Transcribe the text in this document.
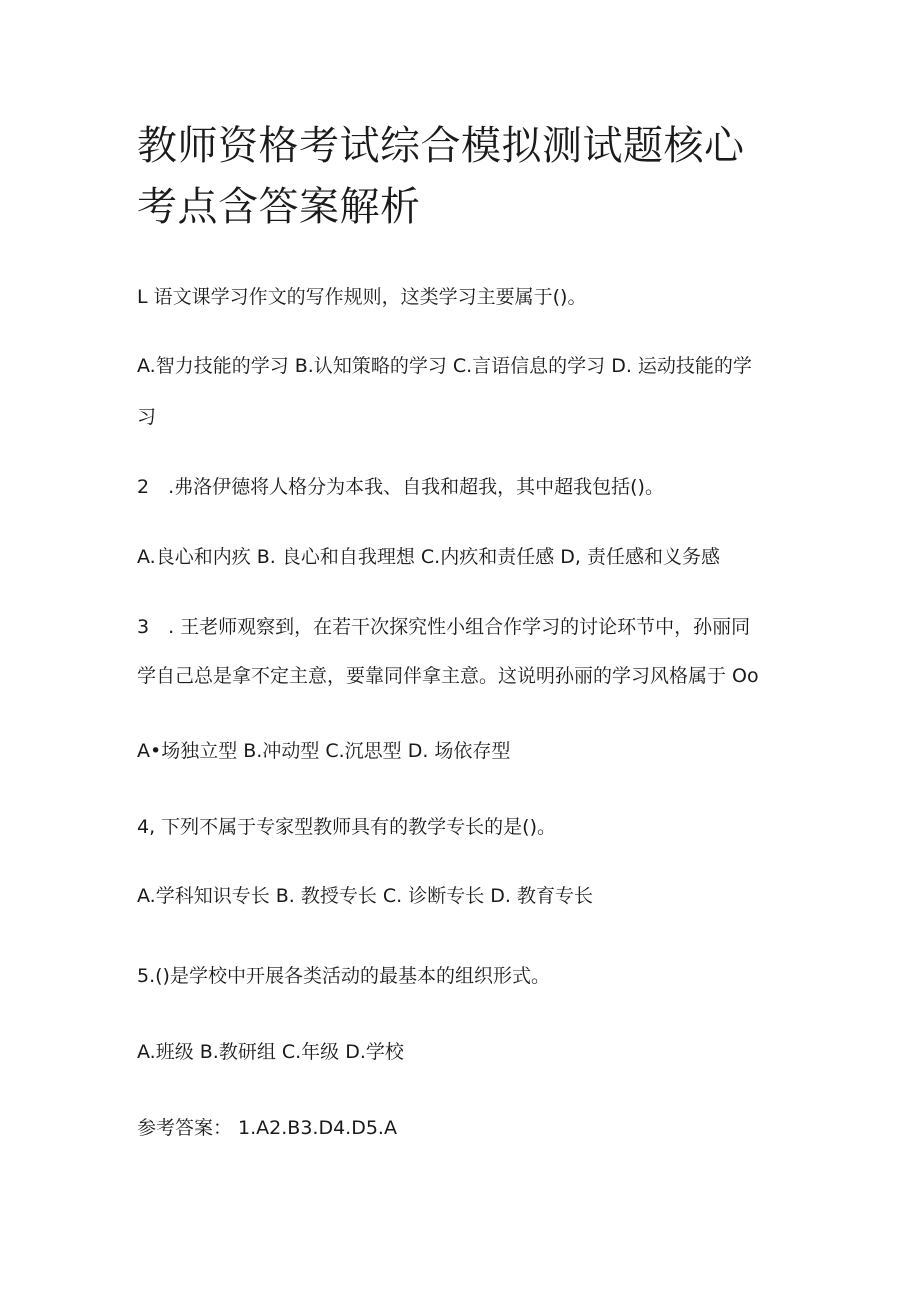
教师资格考试综合模拟测试题核心
考点含答案解析
L 语文课学习作文的写作规则，这类学习主要属于()。
A.智力技能的学习 B.认知策略的学习 C.言语信息的学习 D. 运动技能的学
习
2　.弗洛伊德将人格分为本我、自我和超我，其中超我包括()。
A.良心和内疚 B. 良心和自我理想 C.内疚和责任感 D, 责任感和义务感
3　. 王老师观察到，在若干次探究性小组合作学习的讨论环节中，孙丽同
学自己总是拿不定主意，要靠同伴拿主意。这说明孙丽的学习风格属于 Oo
A•场独立型 B.冲动型 C.沉思型 D. 场依存型
4, 下列不属于专家型教师具有的教学专长的是()。
A.学科知识专长 B. 教授专长 C. 诊断专长 D. 教育专长
5.()是学校中开展各类活动的最基本的组织形式。
A.班级 B.教研组 C.年级 D.学校
参考答案： 1.A2.B3.D4.D5.A
